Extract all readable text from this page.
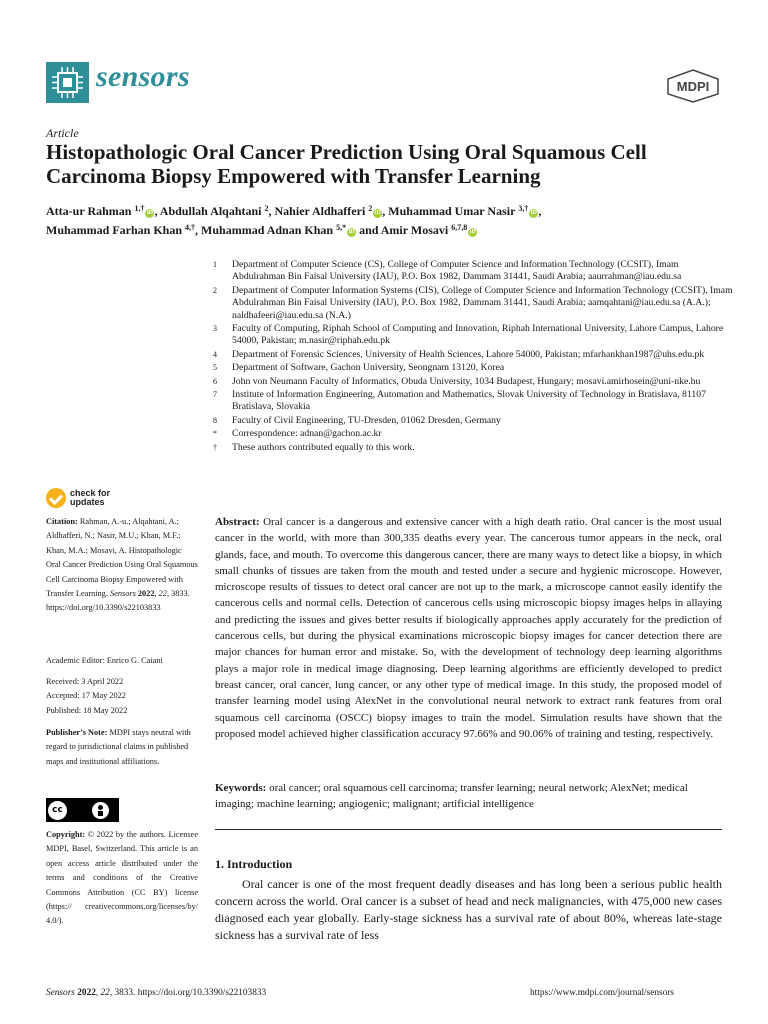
sensors	MDPI
Article
Histopathologic Oral Cancer Prediction Using Oral Squamous Cell Carcinoma Biopsy Empowered with Transfer Learning
Atta-ur Rahman $^{1,\dagger}$ iD , Abdullah Alqahtani $^2$, Nahier Aldhafferi $^2$ iD , Muhammad Umar Nasir $^{3,\dagger}$ iD ,
Muhammad Farhan Khan $^{4,\dagger}$, Muhammad Adnan Khan $^{5,*}$ iD and Amir Mosavi $^{6,7,8}$ iD
1	Department of Computer Science (CS), College of Computer Science and Information Technology (CCSIT), Imam Abdulrahman Bin Faisal University (IAU), P.O. Box 1982, Dammam 31441, Saudi Arabia; aaurrahman@iau.edu.sa
2	Department of Computer Information Systems (CIS), College of Computer Science and Information Technology (CCSIT), Imam Abdulrahman Bin Faisal University (IAU), P.O. Box 1982, Dammam 31441, Saudi Arabia; aamqahtani@iau.edu.sa (A.A.); naldhafeeri@iau.edu.sa (N.A.)
3	Faculty of Computing, Riphah School of Computing and Innovation, Riphah International University, Lahore Campus, Lahore 54000, Pakistan; m.nasir@riphah.edu.pk
4	Department of Forensic Sciences, University of Health Sciences, Lahore 54000, Pakistan; mfarhankhan1987@uhs.edu.pk
5	Department of Software, Gachon University, Seongnam 13120, Korea
6	John von Neumann Faculty of Informatics, Obuda University, 1034 Budapest, Hungary; mosavi.amirhosein@uni-nke.hu
7	Institute of Information Engineering, Automation and Mathematics, Slovak University of Technology in Bratislava, 81107 Bratislava, Slovakia
8	Faculty of Civil Engineering, TU-Dresden, 01062 Dresden, Germany
*	Correspondence: adnan@gachon.ac.kr
†	These authors contributed equally to this work.
check for
updates
Citation: Rahman, A.-u.; Alqahtani, A.; Aldhafferi, N.; Nasir, M.U.; Khan, M.F.; Khan, M.A.; Mosavi, A. Histopathologic Oral Cancer Prediction Using Oral Squamous Cell Carcinoma Biopsy Empowered with Transfer Learning. Sensors 2022, 22, 3833. https://doi.org/10.3390/s22103833
Academic Editor: Enrico G. Caiani
Received: 3 April 2022
Accepted: 17 May 2022
Published: 18 May 2022
Publisher’s Note: MDPI stays neutral with regard to jurisdictional claims in published maps and institutional affiliations.
cc
Copyright: © 2022 by the authors. Licensee MDPI, Basel, Switzerland. This article is an open access article distributed under the terms and conditions of the Creative Commons Attribution (CC BY) license (https:// creativecommons.org/licenses/by/ 4.0/).
Abstract: Oral cancer is a dangerous and extensive cancer with a high death ratio. Oral cancer is the most usual cancer in the world, with more than 300,335 deaths every year. The cancerous tumor appears in the neck, oral glands, face, and mouth. To overcome this dangerous cancer, there are many ways to detect like a biopsy, in which small chunks of tissues are taken from the mouth and tested under a secure and hygienic microscope. However, microscope results of tissues to detect oral cancer are not up to the mark, a microscope cannot easily identify the cancerous cells and normal cells. Detection of cancerous cells using microscopic biopsy images helps in allaying and predicting the issues and gives better results if biologically approaches apply accurately for the prediction of cancerous cells, but during the physical examinations microscopic biopsy images for cancer detection there are major chances for human error and mistake. So, with the development of technology deep learning algorithms plays a major role in medical image diagnosing. Deep learning algorithms are efficiently developed to predict breast cancer, oral cancer, lung cancer, or any other type of medical image. In this study, the proposed model of transfer learning model using AlexNet in the convolutional neural network to extract rank features from oral squamous cell carcinoma (OSCC) biopsy images to train the model. Simulation results have shown that the proposed model achieved higher classification accuracy 97.66% and 90.06% of training and testing, respectively.
Keywords: oral cancer; oral squamous cell carcinoma; transfer learning; neural network; AlexNet; medical imaging; machine learning; angiogenic; malignant; artificial intelligence
1. Introduction
Oral cancer is one of the most frequent deadly diseases and has long been a serious public health concern across the world. Oral cancer is a subset of head and neck malignancies, with 475,000 new cases diagnosed each year globally. Early-stage sickness has a survival rate of about 80%, whereas late-stage sickness has a survival rate of less
Sensors 2022, 22, 3833. https://doi.org/10.3390/s22103833	https://www.mdpi.com/journal/sensors
